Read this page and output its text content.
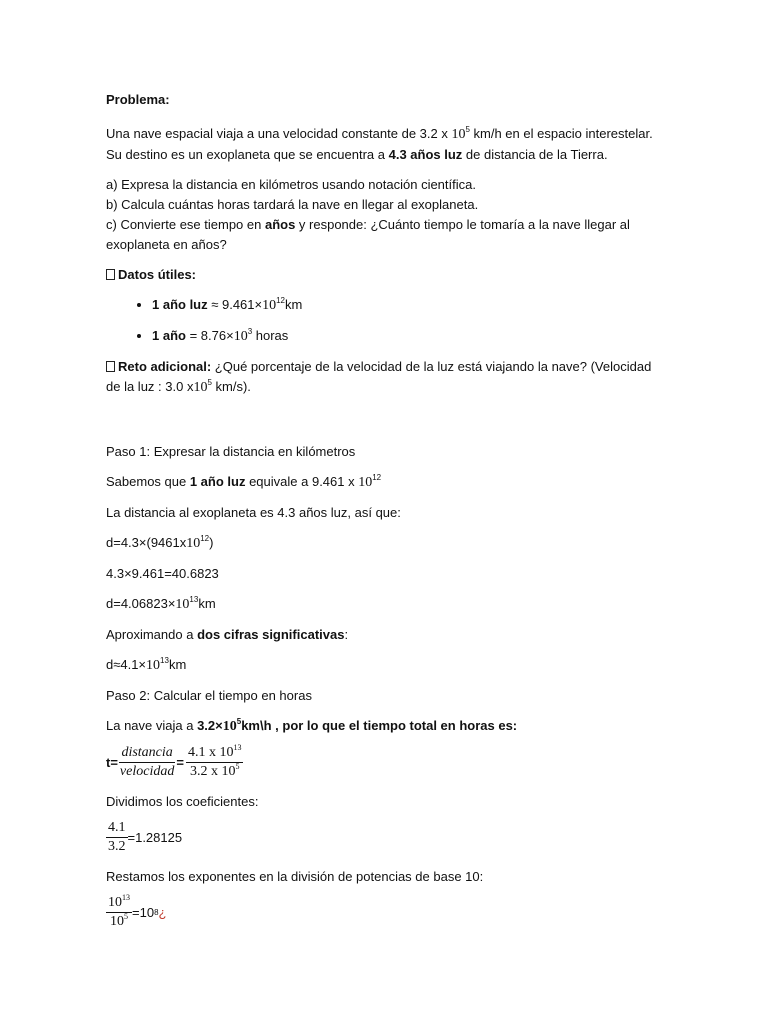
Problema:

Una nave espacial viaja a una velocidad constante de 3.2 x $10^5$ km/h en el espacio interestelar. Su destino es un exoplaneta que se encuentra a 4.3 años luz de distancia de la Tierra.

a) Expresa la distancia en kilómetros usando notación científica.

b) Calcula cuántas horas tardará la nave en llegar al exoplaneta.

c) Convierte ese tiempo en años y responde: ¿Cuánto tiempo le tomaría a la nave llegar al exoplaneta en años?

Datos útiles:

• 1 año luz ≈ $9.461\times 10^{12}km$
• 1 año = $8.76\times 10^3$ horas

Reto adicional: ¿Qué porcentaje de la velocidad de la luz está viajando la nave? (Velocidad de la luz : 3.0 $x10^5$ km/s).

Paso 1: Expresar la distancia en kilómetros

Sabemos que 1 año luz equivale a 9.461 x $10^{12}$

La distancia al exoplaneta es 4.3 años luz, así que:

$d=4.3\times(9461x10^{12})$

4.3×9.461=40.6823

$d=4.06823\times 10^{13}km$

Aproximando a dos cifras significativas:

$d\approx 4.1\times 10^{13}km$

Paso 2: Calcular el tiempo en horas

La nave viaja a $3.2\times 10^5km\backslash h$ , por lo que el tiempo total en horas es:

$t= \frac{\text{distancia}}{\text{velocidad}} = \frac{4.1 x 10^{13}}{3.2 x 10^5}$

Dividimos los coeficientes:

$\frac{4.1}{3.2} =1.28125$

Restamos los exponentes en la división de potencias de base 10:

$\frac{10^{13}}{10^5} =10$ 8 ¿
